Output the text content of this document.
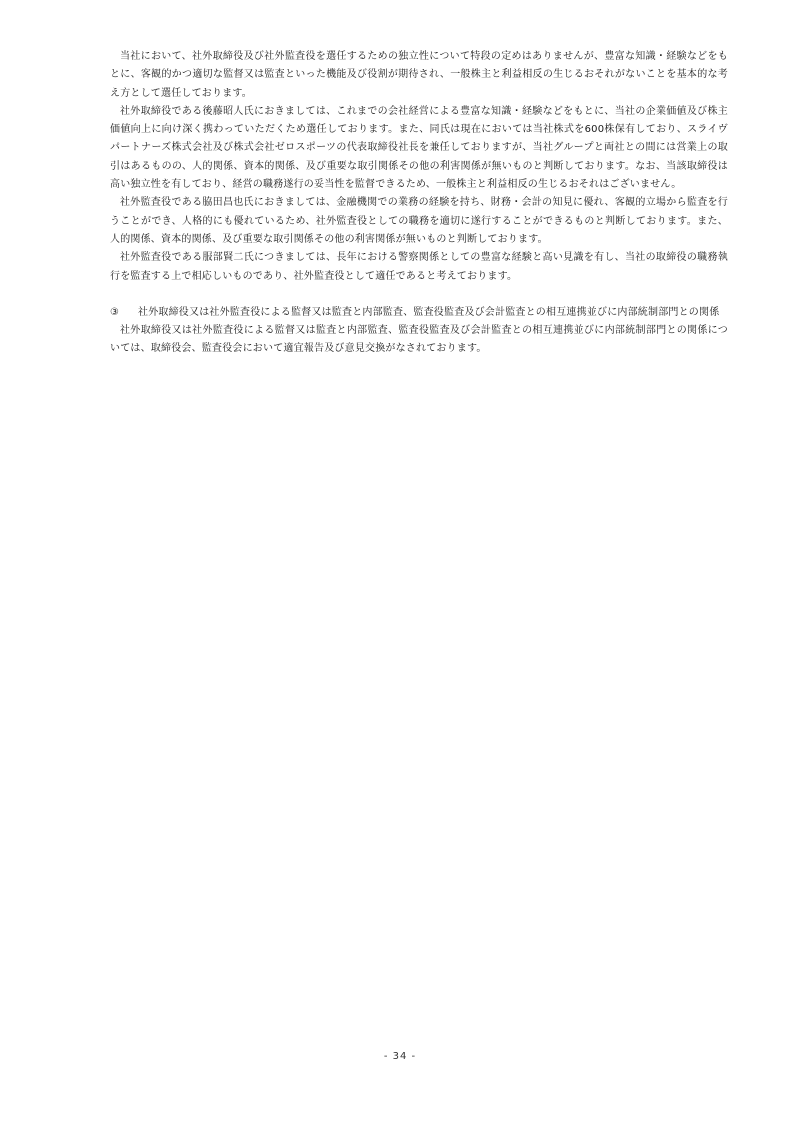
当社において、社外取締役及び社外監査役を選任するための独立性について特段の定めはありませんが、豊富な知識・経験などをもとに、客観的かつ適切な監督又は監査といった機能及び役割が期待され、一般株主と利益相反の生じるおそれがないことを基本的な考え方として選任しております。

社外取締役である後藤昭人氏におきましては、これまでの会社経営による豊富な知識・経験などをもとに、当社の企業価値及び株主価値向上に向け深く携わっていただくため選任しております。また、同氏は現在においては当社株式を600株保有しており、スライヴパートナーズ株式会社及び株式会社ゼロスポーツの代表取締役社長を兼任しておりますが、当社グループと両社との間には営業上の取引はあるものの、人的関係、資本的関係、及び重要な取引関係その他の利害関係が無いものと判断しております。なお、当該取締役は高い独立性を有しており、経営の職務遂行の妥当性を監督できるため、一般株主と利益相反の生じるおそれはございません。

社外監査役である脇田昌也氏におきましては、金融機関での業務の経験を持ち、財務・会計の知見に優れ、客観的立場から監査を行うことができ、人格的にも優れているため、社外監査役としての職務を適切に遂行することができるものと判断しております。また、人的関係、資本的関係、及び重要な取引関係その他の利害関係が無いものと判断しております。

社外監査役である服部賢二氏につきましては、長年における警察関係としての豊富な経験と高い見識を有し、当社の取締役の職務執行を監査する上で相応しいものであり、社外監査役として適任であると考えております。

③	社外取締役又は社外監査役による監督又は監査と内部監査、監査役監査及び会計監査との相互連携並びに内部統制部門との関係

社外取締役又は社外監査役による監督又は監査と内部監査、監査役監査及び会計監査との相互連携並びに内部統制部門との関係については、取締役会、監査役会において適宜報告及び意見交換がなされております。

- 34 -
